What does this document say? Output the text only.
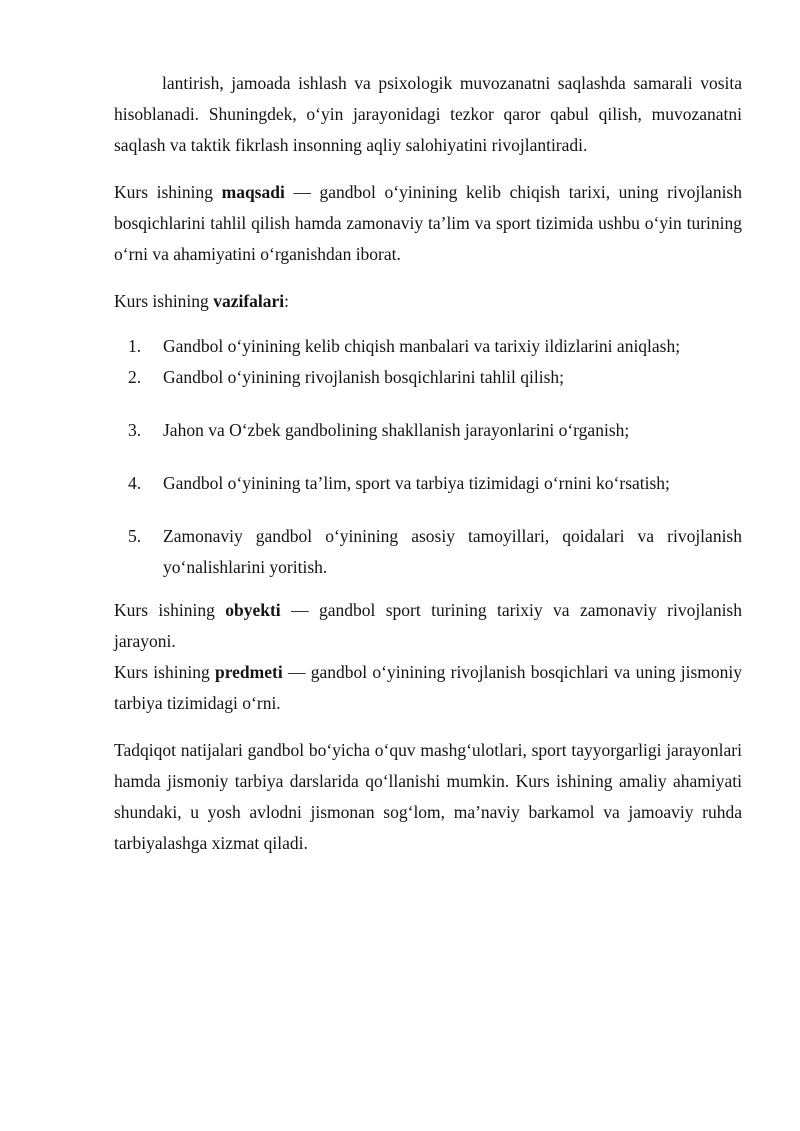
lantirish, jamoada ishlash va psixologik muvozanatni saqlashda samarali vosita hisoblanadi. Shuningdek, o‘yin jarayonidagi tezkor qaror qabul qilish, muvozanatni saqlash va taktik fikrlash insonning aqliy salohiyatini rivojlantiradi.

Kurs ishining maqsadi — gandbol o‘yinining kelib chiqish tarixi, uning rivojlanish bosqichlarini tahlil qilish hamda zamonaviy ta’lim va sport tizimida ushbu o‘yin turining o‘rni va ahamiyatini o‘rganishdan iborat.

Kurs ishining vazifalari:

1. Gandbol o‘yinining kelib chiqish manbalari va tarixiy ildizlarini aniqlash;
2. Gandbol o‘yinining rivojlanish bosqichlarini tahlil qilish;
3. Jahon va O‘zbek gandbolining shakllanish jarayonlarini o‘rganish;
4. Gandbol o‘yinining ta’lim, sport va tarbiya tizimidagi o‘rnini ko‘rsatish;
5. Zamonaviy gandbol o‘yinining asosiy tamoyillari, qoidalari va rivojlanish yo‘nalishlarini yoritish.

Kurs ishining obyekti — gandbol sport turining tarixiy va zamonaviy rivojlanish jarayoni.

Kurs ishining predmeti — gandbol o‘yinining rivojlanish bosqichlari va uning jismoniy tarbiya tizimidagi o‘rni.

Tadqiqot natijalari gandbol bo‘yicha o‘quv mashg‘ulotlari, sport tayyorgarligi jarayonlari hamda jismoniy tarbiya darslarida qo‘llanishi mumkin. Kurs ishining amaliy ahamiyati shundaki, u yosh avlodni jismonan sog‘lom, ma’naviy barkamol va jamoaviy ruhda tarbiyalashga xizmat qiladi.
